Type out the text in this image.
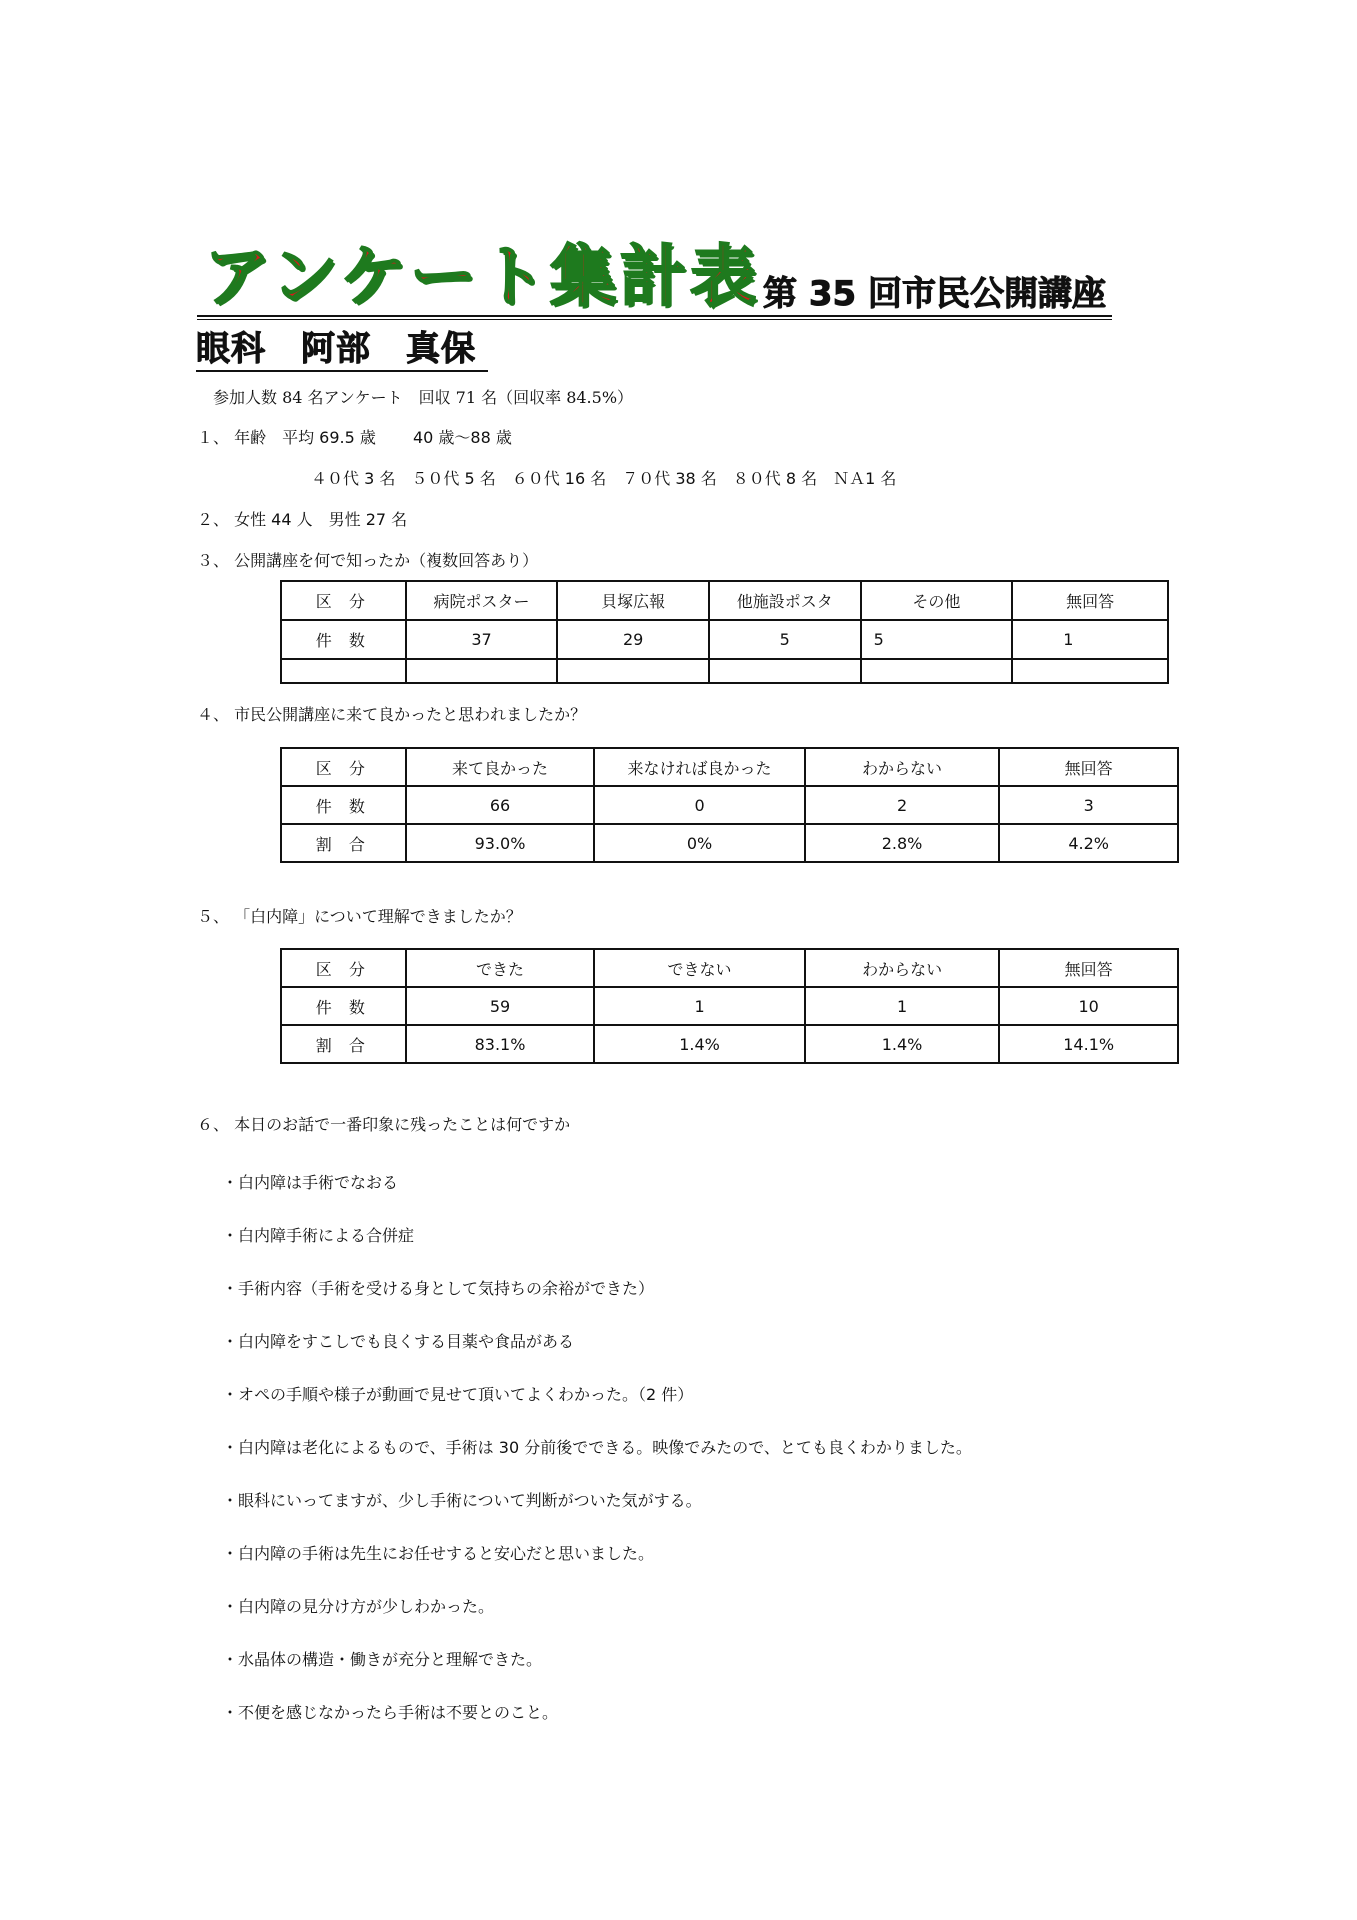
アンケート集計表 第 35 回市民公開講座
眼科　阿部　真保
参加人数 84 名アンケート　回収 71 名（回収率 84.5%）
１、 年齢　平均 69.5 歳　　 40 歳～88 歳
４０代 3 名　５０代 5 名　６０代 16 名　７０代 38 名　８０代 8 名　ＮＡ1 名
２、 女性 44 人　男性 27 名
３、 公開講座を何で知ったか（複数回答あり）
区 分	病院ポスター	貝塚広報	他施設ポスタ	その他	無回答
件 数	37	29	5	5	1

４、 市民公開講座に来て良かったと思われましたか？
区 分	来て良かった	来なければ良かった	わからない	無回答
件 数	66	0	2	3
割 合	93.0%	0%	2.8%	4.2%
５、 「白内障」について理解できましたか？
区 分	できた	できない	わからない	無回答
件 数	59	1	1	10
割 合	83.1%	1.4%	1.4%	14.1%
６、 本日のお話で一番印象に残ったことは何ですか
・白内障は手術でなおる
・白内障手術による合併症
・手術内容（手術を受ける身として気持ちの余裕ができた）
・白内障をすこしでも良くする目薬や食品がある
・オペの手順や様子が動画で見せて頂いてよくわかった。（2 件）
・白内障は老化によるもので、手術は 30 分前後でできる。映像でみたので、とても良くわかりました。
・眼科にいってますが、少し手術について判断がついた気がする。
・白内障の手術は先生にお任せすると安心だと思いました。
・白内障の見分け方が少しわかった。
・水晶体の構造・働きが充分と理解できた。
・不便を感じなかったら手術は不要とのこと。
